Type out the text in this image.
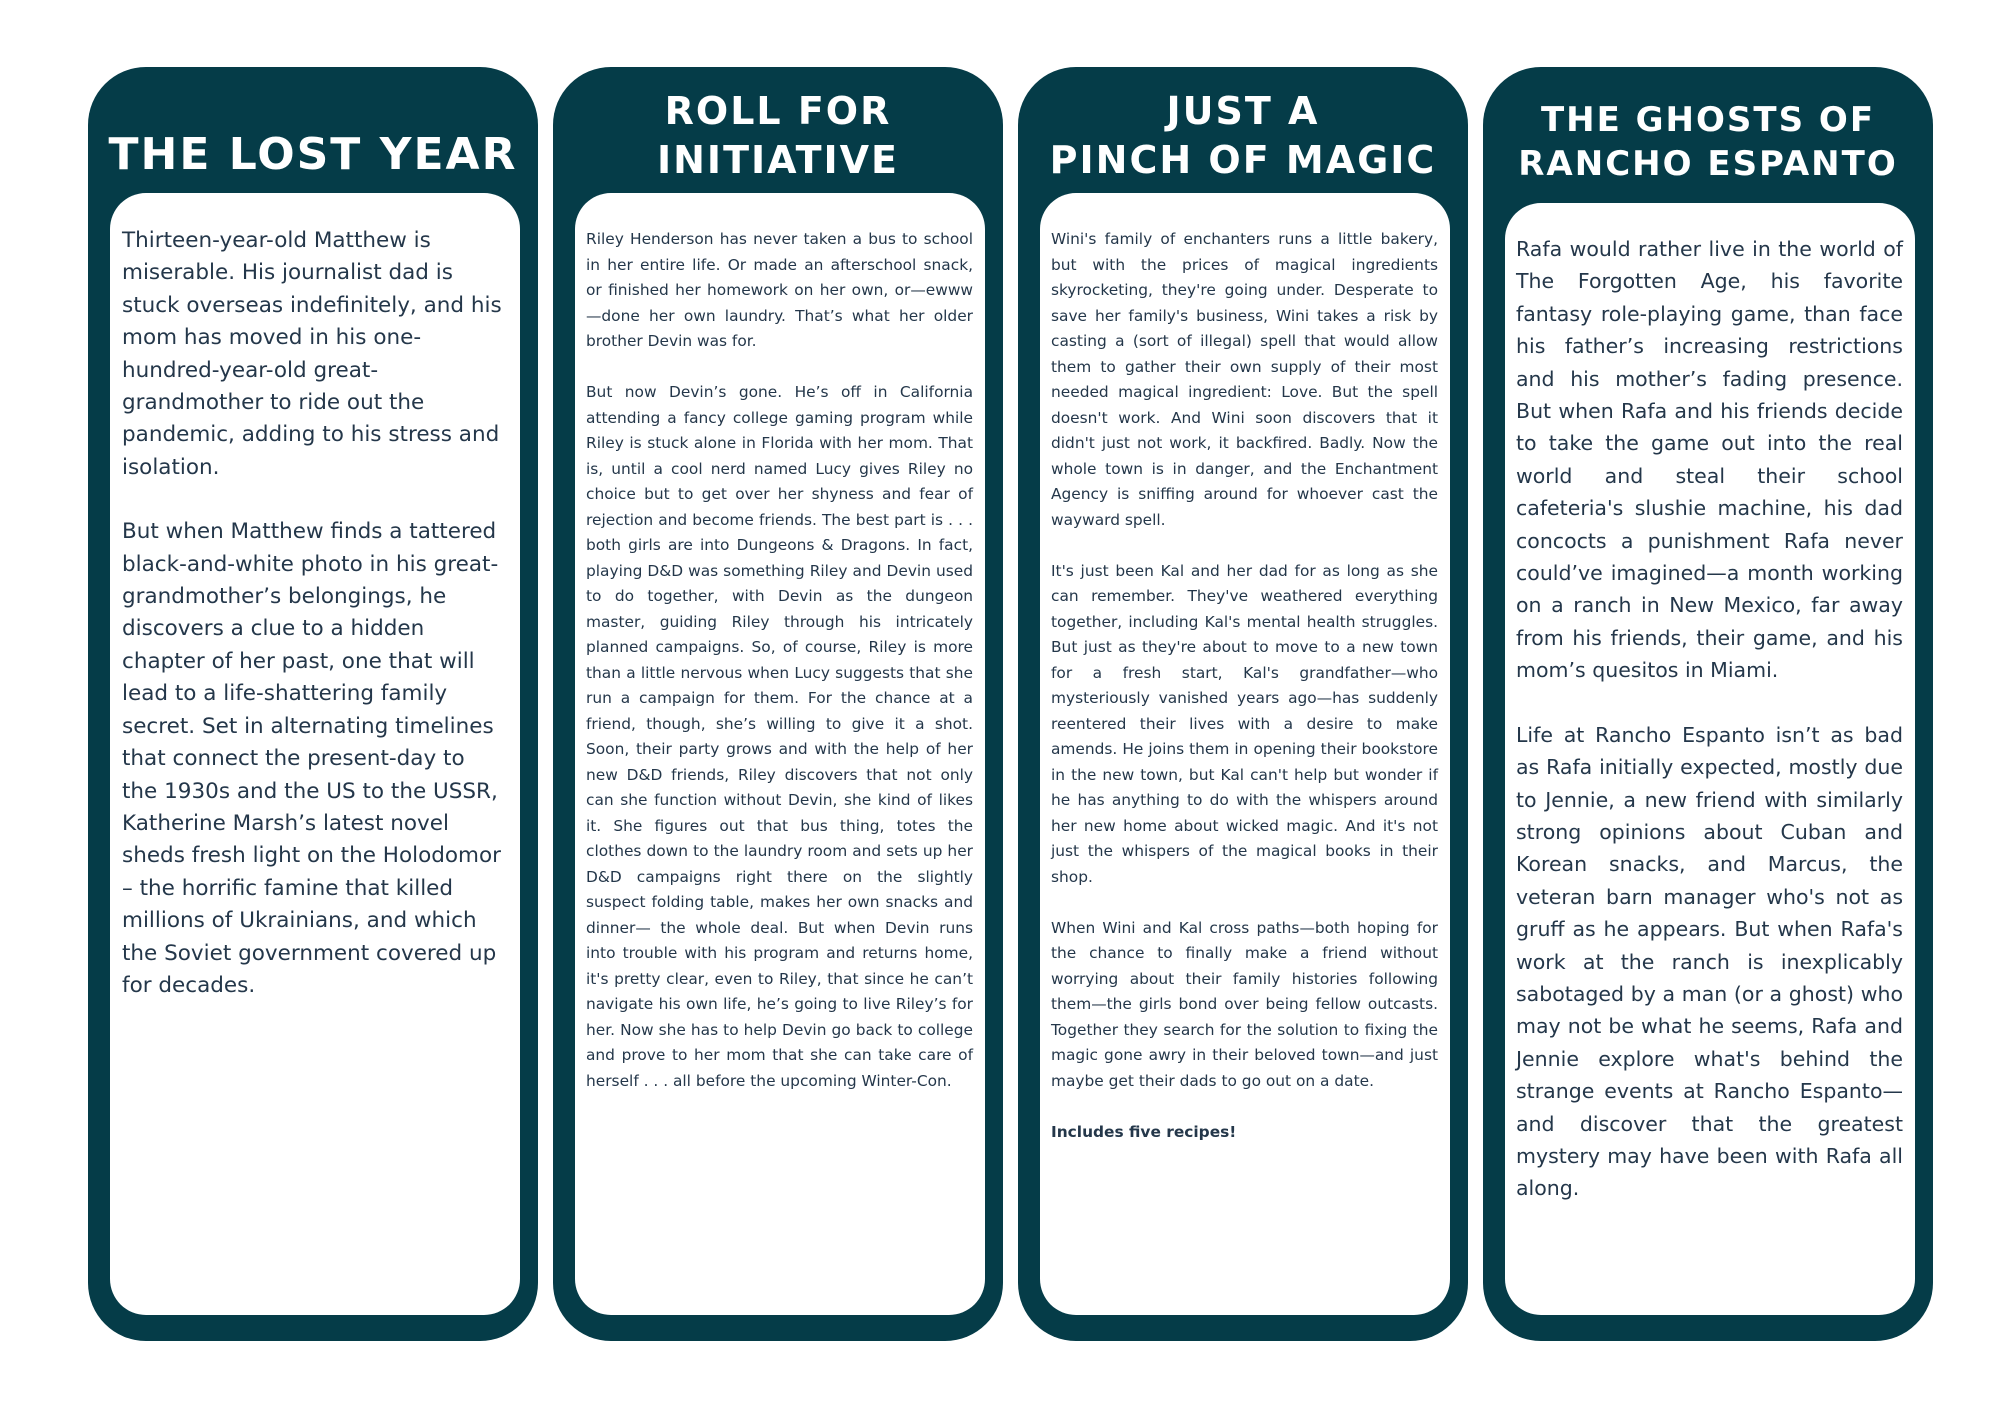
THE LOST YEAR

Thirteen-year-old Matthew is miserable. His journalist dad is stuck overseas indefinitely, and his mom has moved in his one-hundred-year-old great-grandmother to ride out the pandemic, adding to his stress and isolation.

But when Matthew finds a tattered black-and-white photo in his great-grandmother’s belongings, he discovers a clue to a hidden chapter of her past, one that will lead to a life-shattering family secret. Set in alternating timelines that connect the present-day to the 1930s and the US to the USSR, Katherine Marsh’s latest novel sheds fresh light on the Holodomor – the horrific famine that killed millions of Ukrainians, and which the Soviet government covered up for decades.

ROLL FOR
INITIATIVE

Riley Henderson has never taken a bus to school in her entire life. Or made an afterschool snack, or finished her homework on her own, or—ewww—done her own laundry. That’s what her older brother Devin was for.

But now Devin’s gone. He’s off in California attending a fancy college gaming program while Riley is stuck alone in Florida with her mom. That is, until a cool nerd named Lucy gives Riley no choice but to get over her shyness and fear of rejection and become friends. The best part is . . . both girls are into Dungeons & Dragons. In fact, playing D&D was something Riley and Devin used to do together, with Devin as the dungeon master, guiding Riley through his intricately planned campaigns. So, of course, Riley is more than a little nervous when Lucy suggests that she run a campaign for them. For the chance at a friend, though, she’s willing to give it a shot. Soon, their party grows and with the help of her new D&D friends, Riley discovers that not only can she function without Devin, she kind of likes it. She figures out that bus thing, totes the clothes down to the laundry room and sets up her D&D campaigns right there on the slightly suspect folding table, makes her own snacks and dinner— the whole deal. But when Devin runs into trouble with his program and returns home, it's pretty clear, even to Riley, that since he can’t navigate his own life, he’s going to live Riley’s for her. Now she has to help Devin go back to college and prove to her mom that she can take care of herself . . . all before the upcoming Winter-Con.

JUST A
PINCH OF MAGIC

Wini's family of enchanters runs a little bakery, but with the prices of magical ingredients skyrocketing, they're going under. Desperate to save her family's business, Wini takes a risk by casting a (sort of illegal) spell that would allow them to gather their own supply of their most needed magical ingredient: Love. But the spell doesn't work. And Wini soon discovers that it didn't just not work, it backfired. Badly. Now the whole town is in danger, and the Enchantment Agency is sniffing around for whoever cast the wayward spell.

It's just been Kal and her dad for as long as she can remember. They've weathered everything together, including Kal's mental health struggles. But just as they're about to move to a new town for a fresh start, Kal's grandfather—who mysteriously vanished years ago—has suddenly reentered their lives with a desire to make amends. He joins them in opening their bookstore in the new town, but Kal can't help but wonder if he has anything to do with the whispers around her new home about wicked magic. And it's not just the whispers of the magical books in their shop.

When Wini and Kal cross paths—both hoping for the chance to finally make a friend without worrying about their family histories following them—the girls bond over being fellow outcasts. Together they search for the solution to fixing the magic gone awry in their beloved town—and just maybe get their dads to go out on a date.

Includes five recipes!

THE GHOSTS OF
RANCHO ESPANTO

Rafa would rather live in the world of The Forgotten Age, his favorite fantasy role-playing game, than face his father’s increasing restrictions and his mother’s fading presence. But when Rafa and his friends decide to take the game out into the real world and steal their school cafeteria's slushie machine, his dad concocts a punishment Rafa never could’ve imagined—a month working on a ranch in New Mexico, far away from his friends, their game, and his mom’s quesitos in Miami.

Life at Rancho Espanto isn’t as bad as Rafa initially expected, mostly due to Jennie, a new friend with similarly strong opinions about Cuban and Korean snacks, and Marcus, the veteran barn manager who's not as gruff as he appears. But when Rafa's work at the ranch is inexplicably sabotaged by a man (or a ghost) who may not be what he seems, Rafa and Jennie explore what's behind the strange events at Rancho Espanto—and discover that the greatest mystery may have been with Rafa all along.
